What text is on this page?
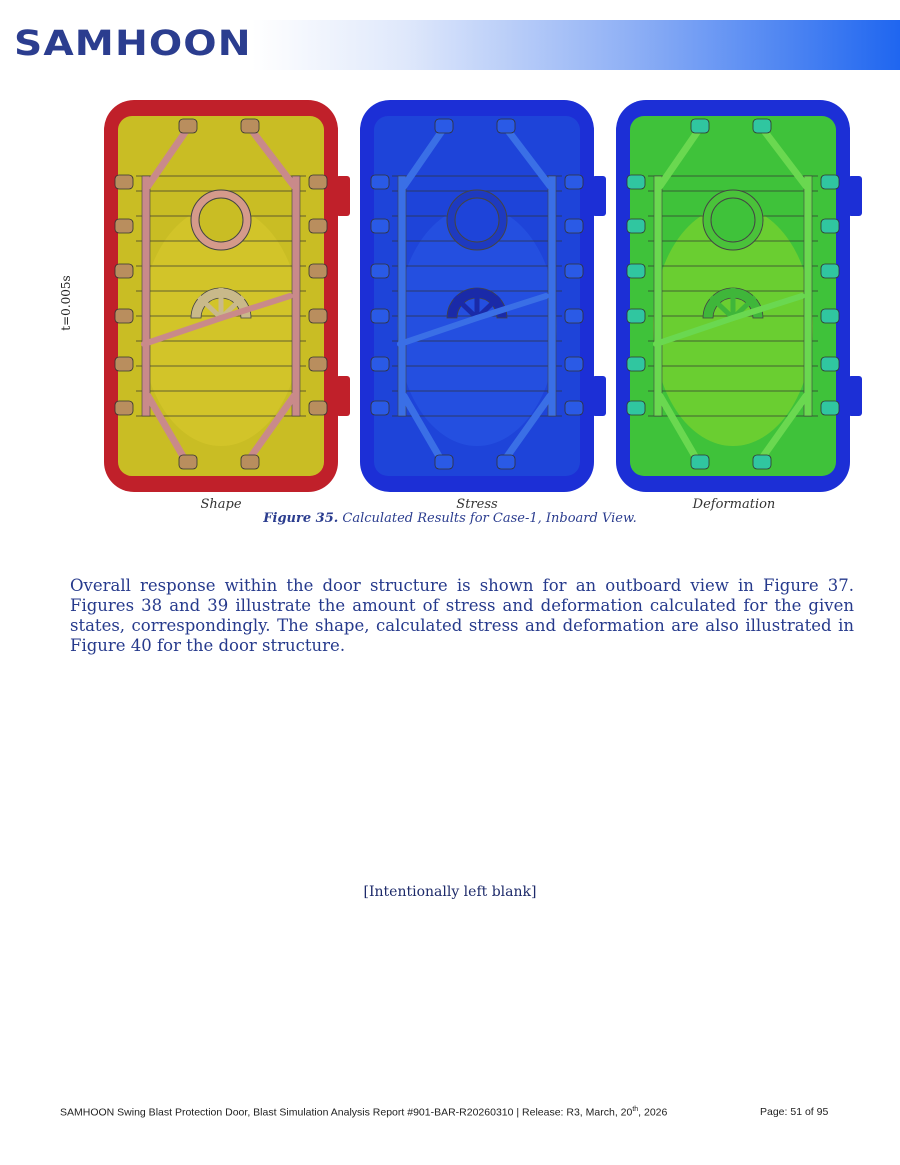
SAMHOON
t=0.005s
Shape	Stress	Deformation
Figure 35. Calculated Results for Case-1, Inboard View.

Overall response within the door structure is shown for an outboard view in Figure 37. Figures 38 and 39 illustrate the amount of stress and deformation calculated for the given states, correspondingly. The shape, calculated stress and deformation are also illustrated in Figure 40 for the door structure.

[Intentionally left blank]
SAMHOON Swing Blast Protection Door, Blast Simulation Analysis Report #901-BAR-R20260310 | Release: R3, March, 20th, 2026	Page: 51 of 95
